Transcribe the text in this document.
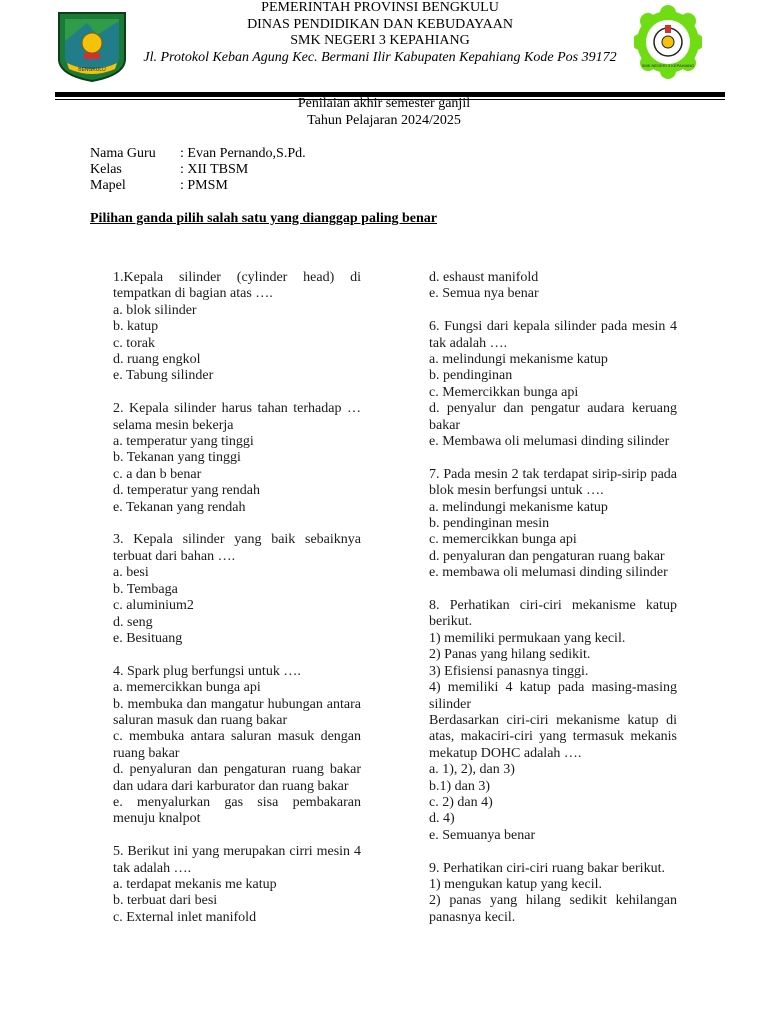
BENGKULU
PEMERINTAH PROVINSI BENGKULU
DINAS PENDIDIKAN DAN KEBUDAYAAN
SMK NEGERI 3 KEPAHIANG
Jl. Protokol Keban Agung Kec. Bermani Ilir Kabupaten Kepahiang Kode Pos 39172
SMK NEGERI 3 KEPAHIANG
Penilaian akhir semester ganjil
Tahun Pelajaran 2024/2025
Nama Guru	: Evan Pernando,S.Pd.
Kelas	: XII TBSM
Mapel	: PMSM
Pilihan ganda pilih salah satu yang dianggap paling benar

1.Kepala silinder (cylinder head) di tempatkan di bagian atas ….

a. blok silinder

b. katup

c. torak

d. ruang engkol

e. Tabung silinder

2. Kepala silinder harus tahan terhadap … selama mesin bekerja

a. temperatur yang tinggi

b. Tekanan yang tinggi

c. a dan b benar

d. temperatur yang rendah

e. Tekanan yang rendah

3. Kepala silinder yang baik sebaiknya terbuat dari bahan ….

a. besi

b. Tembaga

c. aluminium2

d. seng

e. Besituang

4. Spark plug berfungsi untuk ….

a. memercikkan bunga api

b. membuka dan mangatur hubungan antara saluran masuk dan ruang bakar

c. membuka antara saluran masuk dengan ruang bakar

d. penyaluran dan pengaturan ruang bakar dan udara dari karburator dan ruang bakar

e. menyalurkan gas sisa pembakaran menuju knalpot

5. Berikut ini yang merupakan cirri mesin 4 tak adalah ….

a. terdapat mekanis me katup

b. terbuat dari besi

c. External inlet manifold

d. eshaust manifold

e. Semua nya benar

6. Fungsi dari kepala silinder pada mesin 4 tak adalah ….

a. melindungi mekanisme katup

b. pendinginan

c. Memercikkan bunga api

d. penyalur dan pengatur audara keruang bakar

e. Membawa oli melumasi dinding silinder

7. Pada mesin 2 tak terdapat sirip-sirip pada blok mesin berfungsi untuk ….

a. melindungi mekanisme katup

b. pendinginan mesin

c. memercikkan bunga api

d. penyaluran dan pengaturan ruang bakar

e. membawa oli melumasi dinding silinder

8. Perhatikan ciri-ciri mekanisme katup berikut.

1) memiliki permukaan yang kecil.

2) Panas yang hilang sedikit.

3) Efisiensi panasnya tinggi.

4) memiliki 4 katup pada masing-masing silinder

Berdasarkan ciri-ciri mekanisme katup di atas, makaciri-ciri yang termasuk mekanis mekatup DOHC adalah ….

a. 1), 2), dan 3)

b.1) dan 3)

c. 2) dan 4)

d. 4)

e. Semuanya benar

9. Perhatikan ciri-ciri ruang bakar berikut.

1) mengukan katup yang kecil.

2) panas yang hilang sedikit kehilangan panasnya kecil.
